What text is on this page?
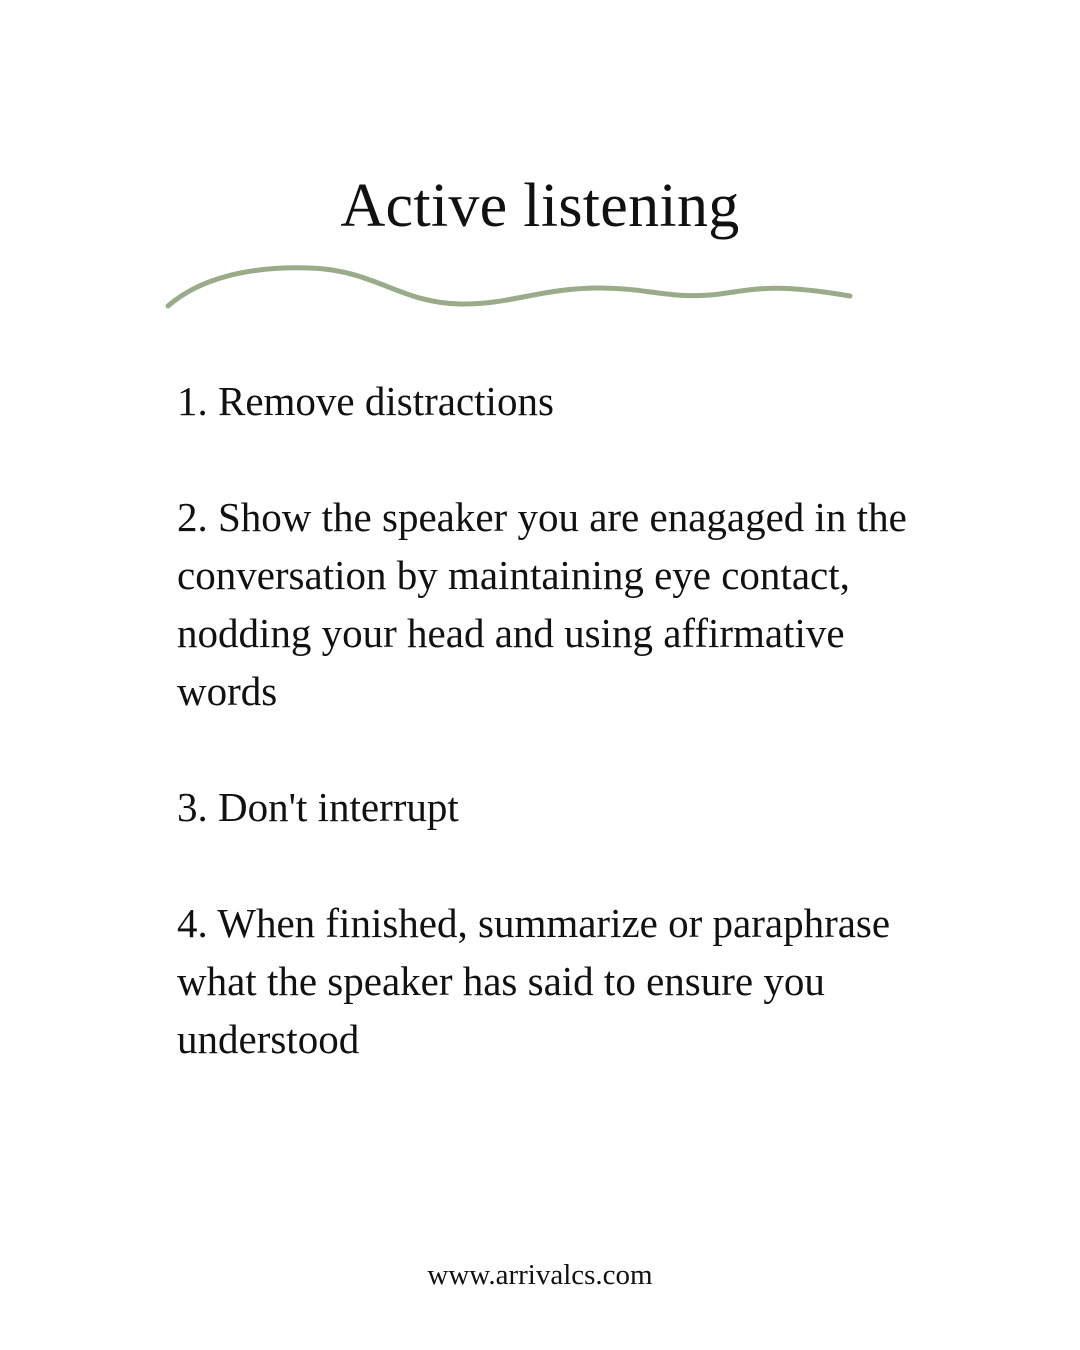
Active listening
1. Remove distractions
2. Show the speaker you are enagaged in the conversation by maintaining eye contact, nodding your head and using affirmative words
3. Don't interrupt
4. When finished, summarize or paraphrase what the speaker has said to ensure you understood
www.arrivalcs.com
